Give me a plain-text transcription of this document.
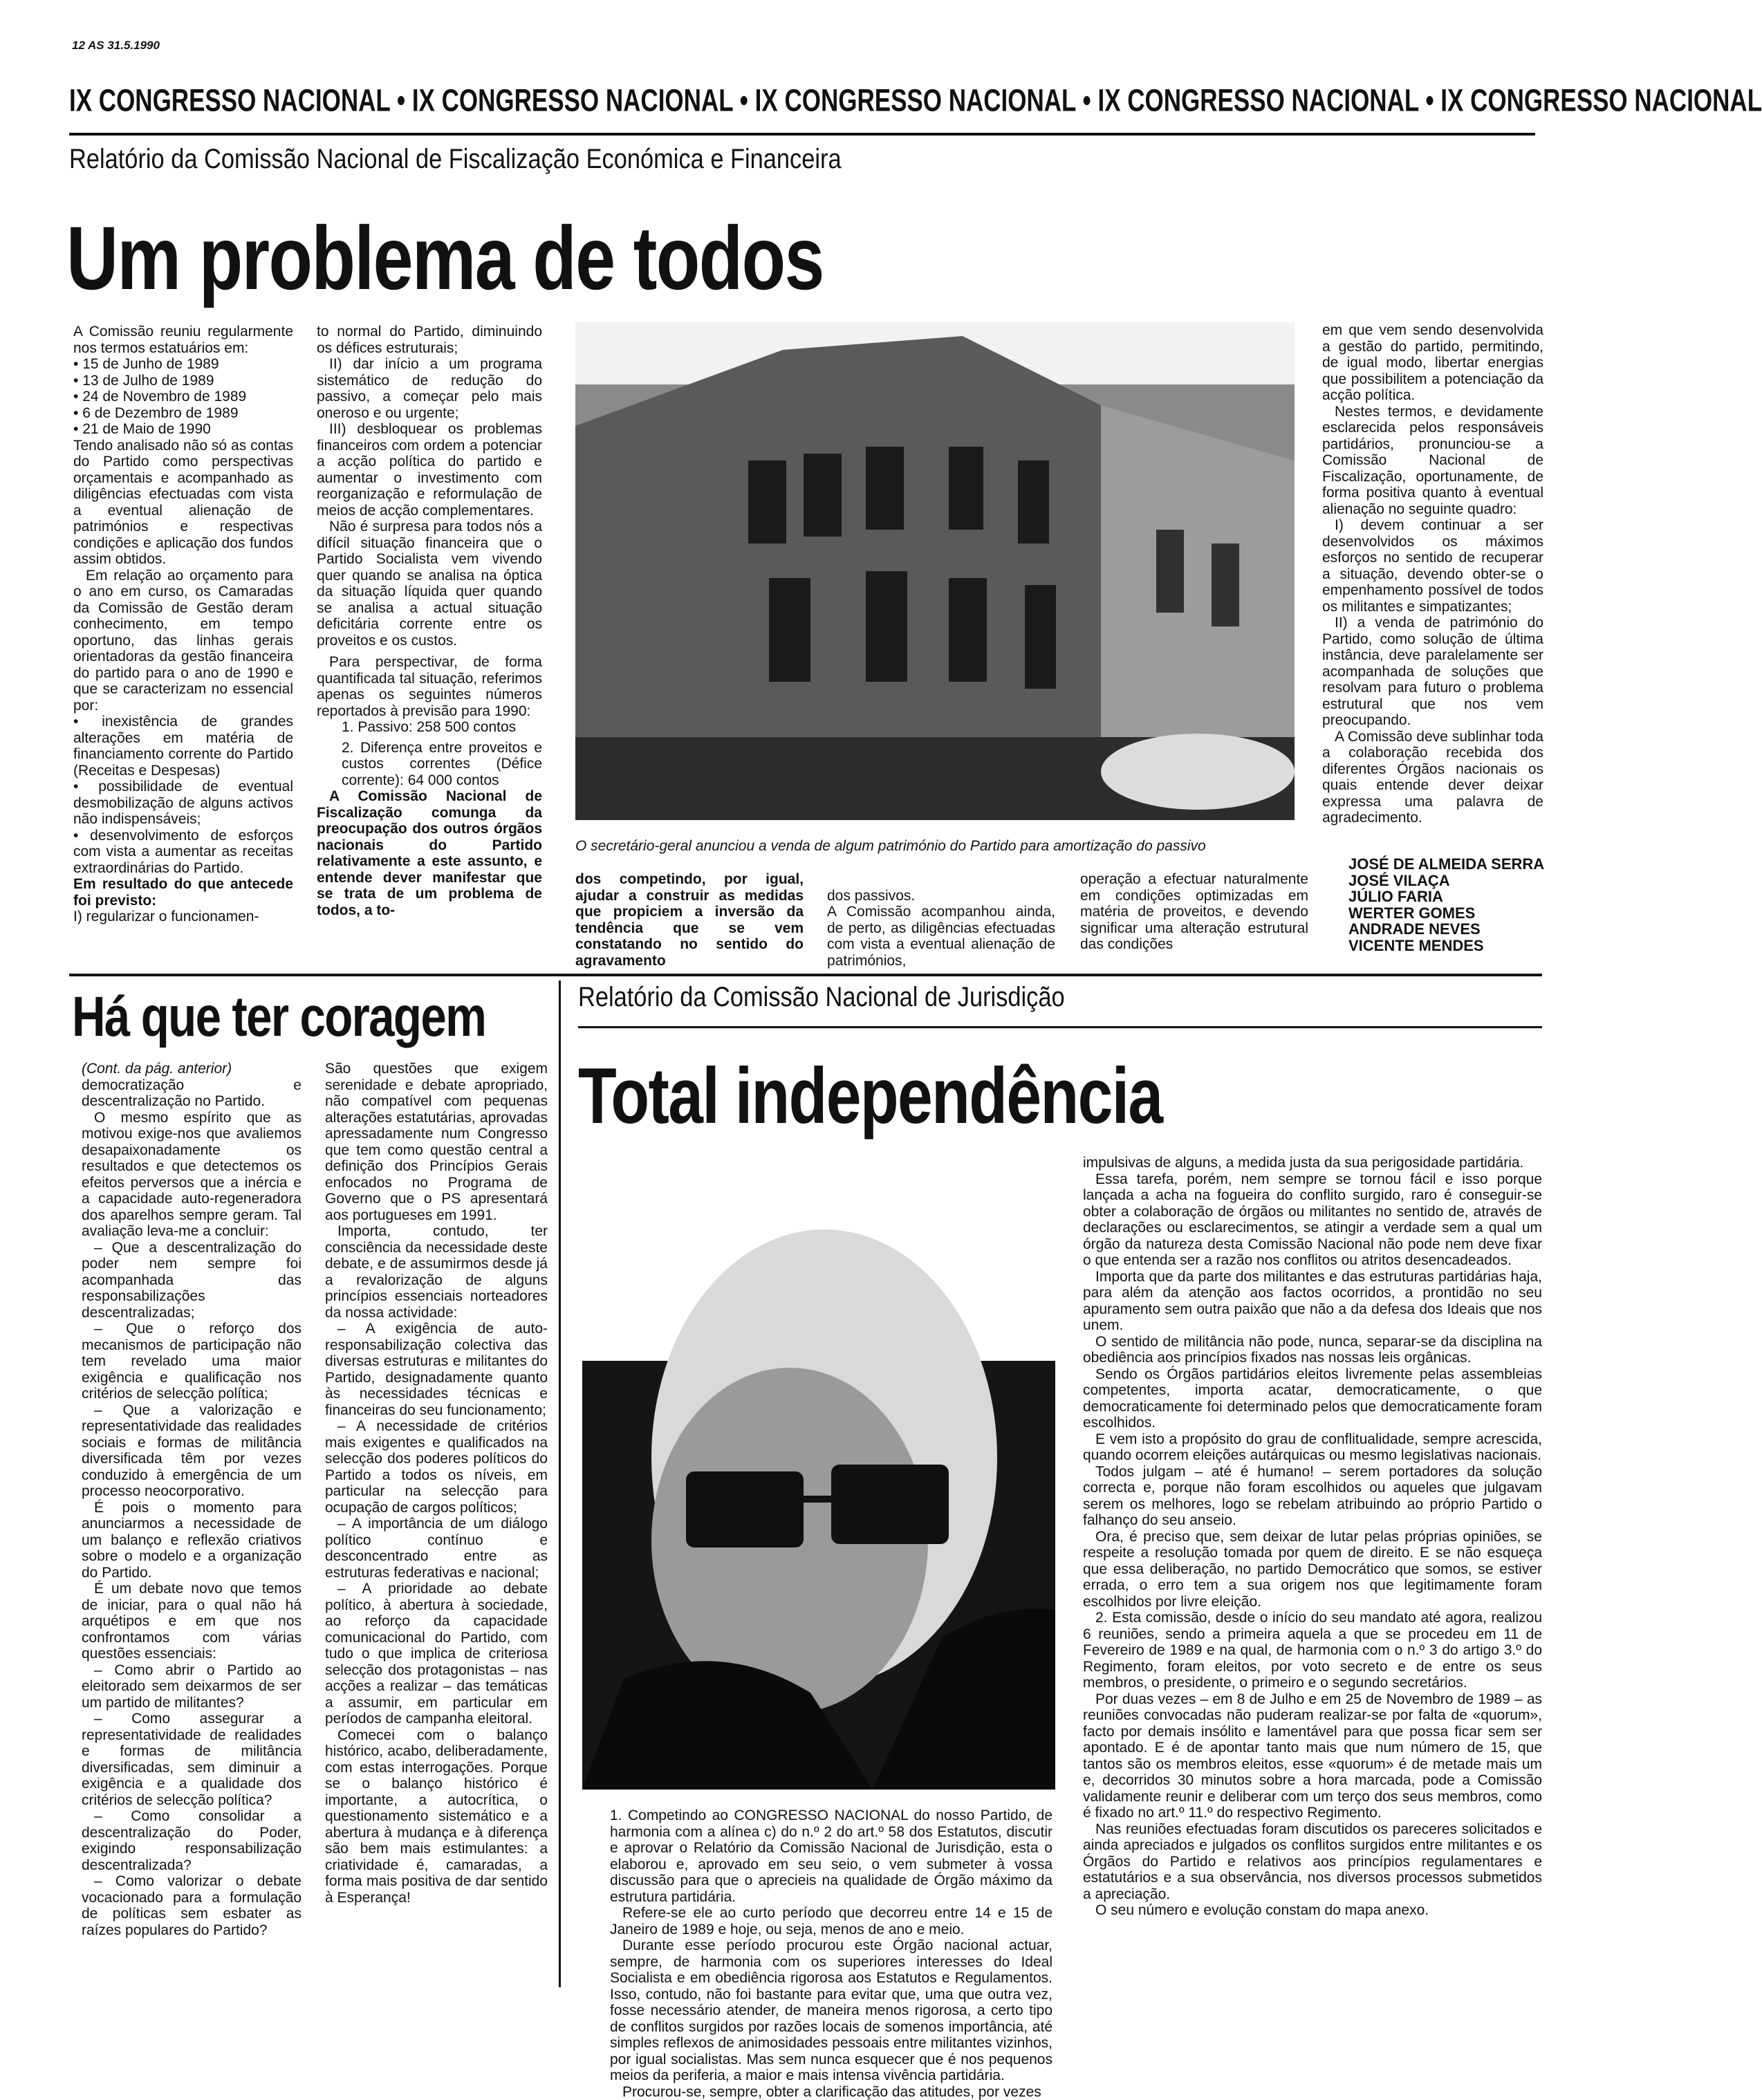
12 AS 31.5.1990
IX CONGRESSO NACIONAL • IX CONGRESSO NACIONAL • IX CONGRESSO NACIONAL • IX CONGRESSO NACIONAL • IX CONGRESSO NACIONAL
Relatório da Comissão Nacional de Fiscalização Económica e Financeira
Um problema de todos

A Comissão reuniu regularmente nos termos estatuários em:

• 15 de Junho de 1989
• 13 de Julho de 1989
• 24 de Novembro de 1989
• 6 de Dezembro de 1989
• 21 de Maio de 1990

Tendo analisado não só as contas do Partido como perspectivas orçamentais e acompanhado as diligências efectuadas com vista a eventual alienação de patrimónios e respectivas condições e aplicação dos fundos assim obtidos.

Em relação ao orçamento para o ano em curso, os Camaradas da Comissão de Gestão deram conhecimento, em tempo oportuno, das linhas gerais orientadoras da gestão financeira do partido para o ano de 1990 e que se caracterizam no essencial por:

• inexistência de grandes alterações em matéria de financiamento corrente do Partido (Receitas e Despesas)
• possibilidade de eventual desmobilização de alguns activos não indispensáveis;
• desenvolvimento de esforços com vista a aumentar as receitas extraordinárias do Partido.

Em resultado do que antecede foi previsto:

I) regularizar o funcionamen-

to normal do Partido, diminuindo os défices estruturais;

II) dar início a um programa sistemático de redução do passivo, a começar pelo mais oneroso e ou urgente;

III) desbloquear os problemas financeiros com ordem a potenciar a acção política do partido e aumentar o investimento com reorganização e reformulação de meios de acção complementares.

Não é surpresa para todos nós a difícil situação financeira que o Partido Socialista vem vivendo quer quando se analisa na óptica da situação líquida quer quando se analisa a actual situação deficitária corrente entre os proveitos e os custos.

Para perspectivar, de forma quantificada tal situação, referimos apenas os seguintes números reportados à previsão para 1990:

1. Passivo: 258 500 contos

2. Diferença entre proveitos e custos correntes (Défice corrente): 64 000 contos

A Comissão Nacional de Fiscalização comunga da preocupação dos outros órgãos nacionais do Partido relativamente a este assunto, e entende dever manifestar que se trata de um problema de todos, a to-

O secretário-geral anunciou a venda de algum património do Partido para amortização do passivo

dos competindo, por igual, ajudar a construir as medidas que propiciem a inversão da tendência que se vem constatando no sentido do agravamento

dos passivos.
A Comissão acompanhou ainda, de perto, as diligências efectuadas com vista a eventual alienação de patrimónios,

operação a efectuar naturalmente em condições optimizadas em matéria de proveitos, e devendo significar uma alteração estrutural das condições

em que vem sendo desenvolvida a gestão do partido, permitindo, de igual modo, libertar energias que possibilitem a potenciação da acção política.

Nestes termos, e devidamente esclarecida pelos responsáveis partidários, pronunciou-se a Comissão Nacional de Fiscalização, oportunamente, de forma positiva quanto à eventual alienação no seguinte quadro:

I) devem continuar a ser desenvolvidos os máximos esforços no sentido de recuperar a situação, devendo obter-se o empenhamento possível de todos os militantes e simpatizantes;

II) a venda de património do Partido, como solução de última instância, deve paralelamente ser acompanhada de soluções que resolvam para futuro o problema estrutural que nos vem preocupando.

A Comissão deve sublinhar toda a colaboração recebida dos diferentes Órgãos nacionais os quais entende dever deixar expressa uma palavra de agradecimento.

JOSÉ DE ALMEIDA SERRA
JOSÉ VILAÇA
JÚLIO FARIA
WERTER GOMES
ANDRADE NEVES
VICENTE MENDES
Há que ter coragem

(Cont. da pág. anterior)

democratização e descentralização no Partido.

O mesmo espírito que as motivou exige-nos que avaliemos desapaixonadamente os resultados e que detectemos os efeitos perversos que a inércia e a capacidade auto-regeneradora dos aparelhos sempre geram. Tal avaliação leva-me a concluir:

– Que a descentralização do poder nem sempre foi acompanhada das responsabilizações descentralizadas;

– Que o reforço dos mecanismos de participação não tem revelado uma maior exigência e qualificação nos critérios de selecção política;

– Que a valorização e representatividade das realidades sociais e formas de militância diversificada têm por vezes conduzido à emergência de um processo neocorporativo.

É pois o momento para anunciarmos a necessidade de um balanço e reflexão criativos sobre o modelo e a organização do Partido.

É um debate novo que temos de iniciar, para o qual não há arquétipos e em que nos confrontamos com várias questões essenciais:

– Como abrir o Partido ao eleitorado sem deixarmos de ser um partido de militantes?

– Como assegurar a representatividade de realidades e formas de militância diversificadas, sem diminuir a exigência e a qualidade dos critérios de selecção política?

– Como consolidar a descentralização do Poder, exigindo responsabilização descentralizada?

– Como valorizar o debate vocacionado para a formulação de políticas sem esbater as raízes populares do Partido?

São questões que exigem serenidade e debate apropriado, não compatível com pequenas alterações estatutárias, aprovadas apressadamente num Congresso que tem como questão central a definição dos Princípios Gerais enfocados no Programa de Governo que o PS apresentará aos portugueses em 1991.

Importa, contudo, ter consciência da necessidade deste debate, e de assumirmos desde já a revalorização de alguns princípios essenciais norteadores da nossa actividade:

– A exigência de auto-responsabilização colectiva das diversas estruturas e militantes do Partido, designadamente quanto às necessidades técnicas e financeiras do seu funcionamento;

– A necessidade de critérios mais exigentes e qualificados na selecção dos poderes políticos do Partido a todos os níveis, em particular na selecção para ocupação de cargos políticos;

– A importância de um diálogo político contínuo e desconcentrado entre as estruturas federativas e nacional;

– A prioridade ao debate político, à abertura à sociedade, ao reforço da capacidade comunicacional do Partido, com tudo o que implica de criteriosa selecção dos protagonistas – nas acções a realizar – das temáticas a assumir, em particular em períodos de campanha eleitoral.

Comecei com o balanço histórico, acabo, deliberadamente, com estas interrogações. Porque se o balanço histórico é importante, a autocrítica, o questionamento sistemático e a abertura à mudança e à diferença são bem mais estimulantes: a criatividade é, camaradas, a forma mais positiva de dar sentido à Esperança!

Relatório da Comissão Nacional de Jurisdição
Total independência

1. Competindo ao CONGRESSO NACIONAL do nosso Partido, de harmonia com a alínea c) do n.º 2 do art.º 58 dos Estatutos, discutir e aprovar o Relatório da Comissão Nacional de Jurisdição, esta o elaborou e, aprovado em seu seio, o vem submeter à vossa discussão para que o aprecieis na qualidade de Órgão máximo da estrutura partidária.

Refere-se ele ao curto período que decorreu entre 14 e 15 de Janeiro de 1989 e hoje, ou seja, menos de ano e meio.

Durante esse período procurou este Órgão nacional actuar, sempre, de harmonia com os superiores interesses do Ideal Socialista e em obediência rigorosa aos Estatutos e Regulamentos. Isso, contudo, não foi bastante para evitar que, uma que outra vez, fosse necessário atender, de maneira menos rigorosa, a certo tipo de conflitos surgidos por razões locais de somenos importância, até simples reflexos de animosidades pessoais entre militantes vizinhos, por igual socialistas. Mas sem nunca esquecer que é nos pequenos meios da periferia, a maior e mais intensa vivência partidária.

Procurou-se, sempre, obter a clarificação das atitudes, por vezes

impulsivas de alguns, a medida justa da sua perigosidade partidária.

Essa tarefa, porém, nem sempre se tornou fácil e isso porque lançada a acha na fogueira do conflito surgido, raro é conseguir-se obter a colaboração de órgãos ou militantes no sentido de, através de declarações ou esclarecimentos, se atingir a verdade sem a qual um órgão da natureza desta Comissão Nacional não pode nem deve fixar o que entenda ser a razão nos conflitos ou atritos desencadeados.

Importa que da parte dos militantes e das estruturas partidárias haja, para além da atenção aos factos ocorridos, a prontidão no seu apuramento sem outra paixão que não a da defesa dos Ideais que nos unem.

O sentido de militância não pode, nunca, separar-se da disciplina na obediência aos princípios fixados nas nossas leis orgânicas.

Sendo os Órgãos partidários eleitos livremente pelas assembleias competentes, importa acatar, democraticamente, o que democraticamente foi determinado pelos que democraticamente foram escolhidos.

E vem isto a propósito do grau de conflitualidade, sempre acrescida, quando ocorrem eleições autárquicas ou mesmo legislativas nacionais.

Todos julgam – até é humano! – serem portadores da solução correcta e, porque não foram escolhidos ou aqueles que julgavam serem os melhores, logo se rebelam atribuindo ao próprio Partido o falhanço do seu anseio.

Ora, é preciso que, sem deixar de lutar pelas próprias opiniões, se respeite a resolução tomada por quem de direito. E se não esqueça que essa deliberação, no partido Democrático que somos, se estiver errada, o erro tem a sua origem nos que legitimamente foram escolhidos por livre eleição.

2. Esta comissão, desde o início do seu mandato até agora, realizou 6 reuniões, sendo a primeira aquela a que se procedeu em 11 de Fevereiro de 1989 e na qual, de harmonia com o n.º 3 do artigo 3.º do Regimento, foram eleitos, por voto secreto e de entre os seus membros, o presidente, o primeiro e o segundo secretários.

Por duas vezes – em 8 de Julho e em 25 de Novembro de 1989 – as reuniões convocadas não puderam realizar-se por falta de «quorum», facto por demais insólito e lamentável para que possa ficar sem ser apontado. E é de apontar tanto mais que num número de 15, que tantos são os membros eleitos, esse «quorum» é de metade mais um e, decorridos 30 minutos sobre a hora marcada, pode a Comissão validamente reunir e deliberar com um terço dos seus membros, como é fixado no art.º 11.º do respectivo Regimento.

Nas reuniões efectuadas foram discutidos os pareceres solicitados e ainda apreciados e julgados os conflitos surgidos entre militantes e os Órgãos do Partido e relativos aos princípios regulamentares e estatutários e a sua observância, nos diversos processos submetidos a apreciação.

O seu número e evolução constam do mapa anexo.
